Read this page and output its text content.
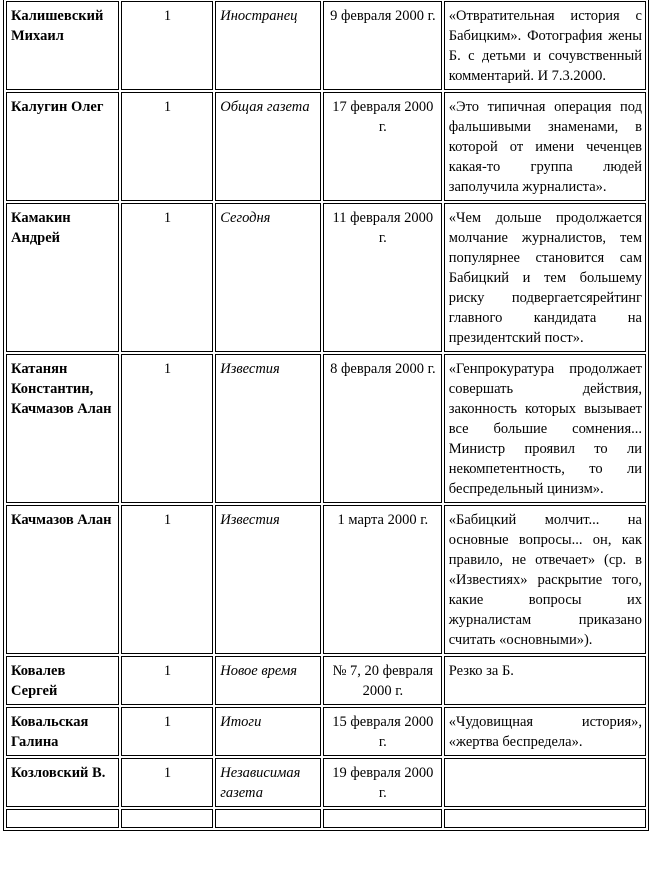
Калишевский Михаил	1	Иностранец	9 февраля 2000 г.	«Отвратительная история с Бабицким». Фотография жены Б. с детьми и сочувственный комментарий. И 7.3.2000.
Калугин Олег	1	Общая газета	17 февраля 2000 г.	«Это типичная операция под фальшивыми знаменами, в которой от имени чеченцев какая-то группа людей заполучила журналиста».
Камакин Андрей	1	Сегодня	11 февраля 2000 г.	«Чем дольше продолжается молчание журналистов, тем популярнее становится сам Бабицкий и тем большему риску подвергаетсярейтинг главного кандидата на президентский пост».
Катанян Константин, Качмазов Алан	1	Известия	8 февраля 2000 г.	«Генпрокуратура продолжает совершать действия, законность которых вызывает все большие сомнения... Министр проявил то ли некомпетентность, то ли беспредельный цинизм».
Качмазов Алан	1	Известия	1 марта 2000 г.	«Бабицкий молчит... на основные вопросы... он, как правило, не отвечает» (ср. в «Известиях» раскрытие того, какие вопросы их журналистам приказано считать «основными»).
Ковалев Сергей	1	Новое время	№ 7, 20 февраля 2000 г.	Резко за Б.
Ковальская Галина	1	Итоги	15 февраля 2000 г.	«Чудовищная история», «жертва беспредела».
Козловский В.	1	Независимая газета	19 февраля 2000 г.	
